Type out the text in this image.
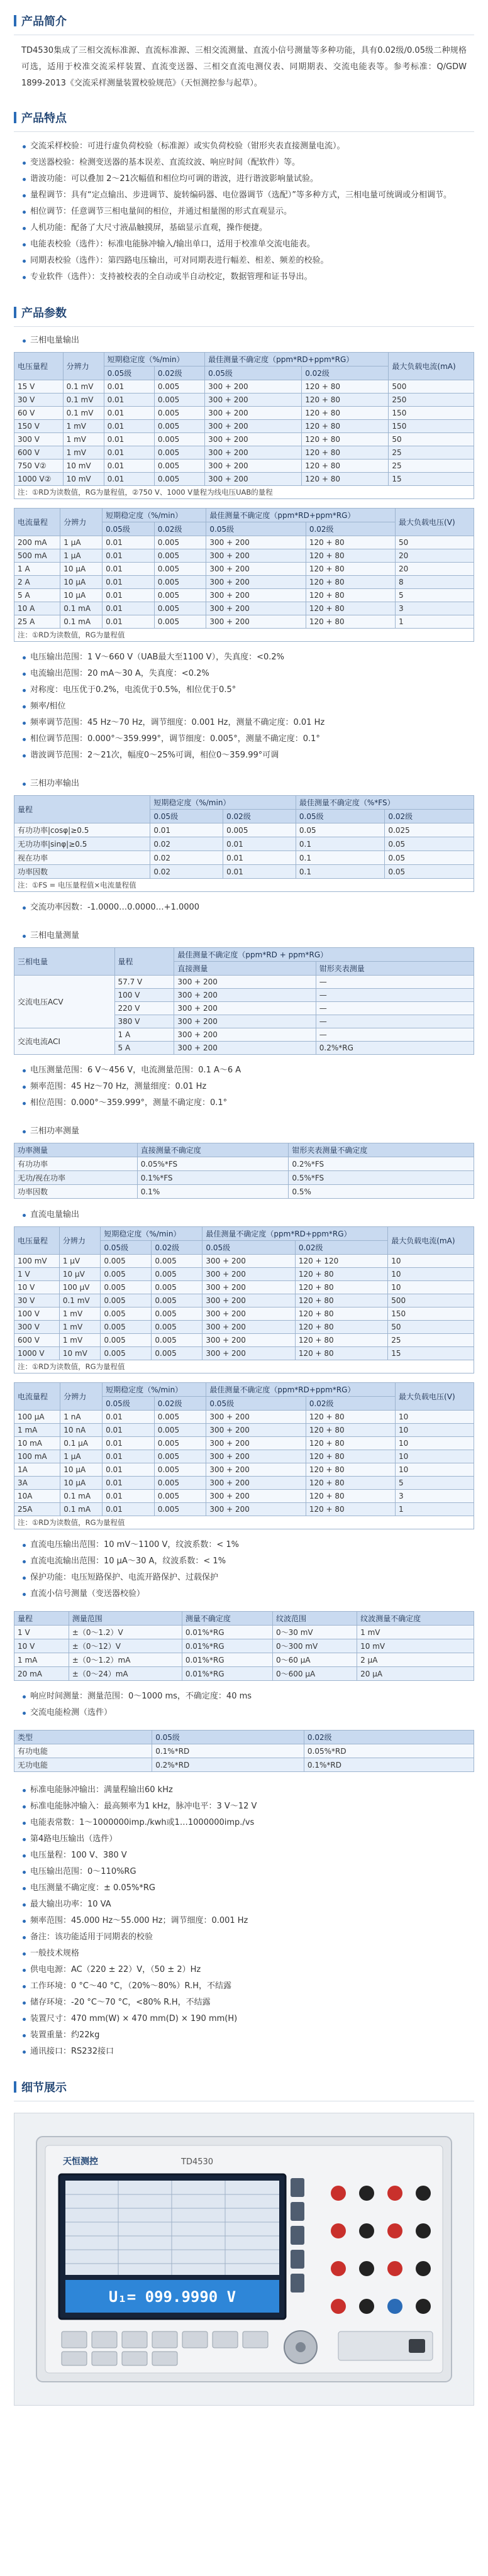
产品简介

TD4530集成了三相交流标准源、直流标准源、三相交流测量、直流小信号测量等多种功能，具有0.02级/0.05级二种规格可选，适用于校准交流采样装置、直流变送器、三相交直流电测仪表、同期期表、交流电能表等。参考标准：Q/GDW 1899-2013《交流采样测量装置校验规范》（天恒测控参与起草）。

产品特点
交流采样校验：可进行虚负荷校验（标准源）或实负荷校验（钳形夹表直接测量电流）。
变送器校验：检测变送器的基本误差、直流纹波、响应时间（配软件）等。
谐波功能：可以叠加 2～21次幅值和相位均可调的谐波，进行谐波影响量试验。
量程调节：具有“定点输出、步进调节、旋转编码器、电位器调节（选配）”等多种方式，三相电量可统调或分相调节。
相位调节：任意调节三相电量间的相位，并通过相量图的形式直观显示。
人机功能：配备了大尺寸液晶触摸屏，基础显示直观，操作便捷。
电能表校验（选件）：标准电能脉冲输入/输出单口，适用于校准单交流电能表。
同期表校验（选件）：第四路电压输出，可对同期表进行幅差、相差、频差的校验。
专业软件（选件）：支持被校表的全自动或半自动校定，数据管理和证书导出。
产品参数
三相电量输出
电压量程	分辨力	短期稳定度（%/min）		最佳测量不确定度（ppm*RD+ppm*RG）		最大负载电流(mA)
		0.05级	0.02级	0.05级	0.02级	
15 V	0.1 mV	0.01	0.005	300 + 200	120 + 80	500
30 V	0.1 mV	0.01	0.005	300 + 200	120 + 80	250
60 V	0.1 mV	0.01	0.005	300 + 200	120 + 80	150
150 V	1 mV	0.01	0.005	300 + 200	120 + 80	150
300 V	1 mV	0.01	0.005	300 + 200	120 + 80	50
600 V	1 mV	0.01	0.005	300 + 200	120 + 80	25
750 V②	10 mV	0.01	0.005	300 + 200	120 + 80	25
1000 V②	10 mV	0.01	0.005	300 + 200	120 + 80	15
注：①RD为读数值，RG为量程值，②750 V、1000 V量程为线电压UAB的量程						
电流量程	分辨力	短期稳定度（%/min）		最佳测量不确定度（ppm*RD+ppm*RG）		最大负载电压(V)
		0.05级	0.02级	0.05级	0.02级	
200 mA	1 μA	0.01	0.005	300 + 200	120 + 80	50
500 mA	1 μA	0.01	0.005	300 + 200	120 + 80	20
1 A	10 μA	0.01	0.005	300 + 200	120 + 80	20
2 A	10 μA	0.01	0.005	300 + 200	120 + 80	8
5 A	10 μA	0.01	0.005	300 + 200	120 + 80	5
10 A	0.1 mA	0.01	0.005	300 + 200	120 + 80	3
25 A	0.1 mA	0.01	0.005	300 + 200	120 + 80	1
注：①RD为读数值，RG为量程值						
电压输出范围：1 V～660 V（UAB最大至1100 V），失真度：<0.2%
电流输出范围：20 mA～30 A，失真度：<0.2%
对称度：电压优于0.2%，电流优于0.5%，相位优于0.5°
频率/相位
频率调节范围：45 Hz～70 Hz，调节细度：0.001 Hz，测量不确定度：0.01 Hz
相位调节范围：0.000°～359.999°，调节细度：0.005°，测量不确定度：0.1°
谐波调节范围：2～21次，幅度0～25%可调，相位0～359.99°可调
三相功率输出
量程	短期稳定度（%/min）		最佳测量不确定度（%*FS）	
	0.05级	0.02级	0.05级	0.02级
有功功率|cosφ|≥0.5	0.01	0.005	0.05	0.025
无功功率|sinφ|≥0.5	0.02	0.01	0.1	0.05
视在功率	0.02	0.01	0.1	0.05
功率因数	0.02	0.01	0.1	0.05
注：①FS = 电压量程值×电流量程值				
交流功率因数：-1.0000…0.0000…+1.0000
三相电量测量
三相电量	量程	最佳测量不确定度（ppm*RD + ppm*RG）	
		直接测量	钳形夹表测量
交流电压ACV	57.7 V	300 + 200	—
	100 V	300 + 200	—
	220 V	300 + 200	—
	380 V	300 + 200	—
交流电流ACI	1 A	300 + 200	—
	5 A	300 + 200	0.2%*RG
电压测量范围：6 V～456 V，电流测量范围：0.1 A～6 A
频率范围：45 Hz～70 Hz，测量细度：0.01 Hz
相位范围：0.000°～359.999°，测量不确定度：0.1°
三相功率测量
功率测量	直接测量不确定度	钳形夹表测量不确定度
有功功率	0.05%*FS	0.2%*FS
无功/视在功率	0.1%*FS	0.5%*FS
功率因数	0.1%	0.5%
直流电量输出
电压量程	分辨力	短期稳定度（%/min）		最佳测量不确定度（ppm*RD+ppm*RG）		最大负载电流(mA)
		0.05级	0.02级	0.05级	0.02级	
100 mV	1 μV	0.005	0.005	300 + 200	120 + 120	10
1 V	10 μV	0.005	0.005	300 + 200	120 + 80	10
10 V	100 μV	0.005	0.005	300 + 200	120 + 80	10
30 V	0.1 mV	0.005	0.005	300 + 200	120 + 80	500
100 V	1 mV	0.005	0.005	300 + 200	120 + 80	150
300 V	1 mV	0.005	0.005	300 + 200	120 + 80	50
600 V	1 mV	0.005	0.005	300 + 200	120 + 80	25
1000 V	10 mV	0.005	0.005	300 + 200	120 + 80	15
注：①RD为读数值，RG为量程值						
电流量程	分辨力	短期稳定度（%/min）		最佳测量不确定度（ppm*RD+ppm*RG）		最大负载电压(V)
		0.05级	0.02级	0.05级	0.02级	
100 μA	1 nA	0.01	0.005	300 + 200	120 + 80	10
1 mA	10 nA	0.01	0.005	300 + 200	120 + 80	10
10 mA	0.1 μA	0.01	0.005	300 + 200	120 + 80	10
100 mA	1 μA	0.01	0.005	300 + 200	120 + 80	10
1A	10 μA	0.01	0.005	300 + 200	120 + 80	10
3A	10 μA	0.01	0.005	300 + 200	120 + 80	5
10A	0.1 mA	0.01	0.005	300 + 200	120 + 80	3
25A	0.1 mA	0.01	0.005	300 + 200	120 + 80	1
注：①RD为读数值，RG为量程值						
直流电压输出范围：10 mV～1100 V，纹波系数：< 1%
直流电流输出范围：10 μA～30 A，纹波系数：< 1%
保护功能：电压短路保护、电流开路保护、过载保护
直流小信号测量（变送器校验）
量程	测量范围	测量不确定度	纹波范围	纹波测量不确定度
1 V	±（0～1.2）V	0.01%*RG	0～30 mV	1 mV
10 V	±（0～12）V	0.01%*RG	0～300 mV	10 mV
1 mA	±（0～1.2）mA	0.01%*RG	0～60 μA	2 μA
20 mA	±（0～24）mA	0.01%*RG	0～600 μA	20 μA
响应时间测量：测量范围：0～1000 ms，不确定度：40 ms
交流电能检测（选件）
类型	0.05级	0.02级
有功电能	0.1%*RD	0.05%*RD
无功电能	0.2%*RD	0.1%*RD
标准电能脉冲输出：满量程输出60 kHz
标准电能脉冲输入：最高频率为1 kHz，脉冲电平：3 V～12 V
电能表常数：1～1000000imp./kwh或1…1000000imp./vs
第4路电压输出（选件）
电压量程：100 V、380 V
电压输出范围：0～110%RG
电压测量不确定度：± 0.05%*RG
最大输出功率：10 VA
频率范围：45.000 Hz～55.000 Hz；调节细度：0.001 Hz
备注：该功能适用于同期表的校验
一般技术规格
供电电源：AC（220 ± 22）V，（50 ± 2）Hz
工作环境：0 °C～40 °C，（20%～80%）R.H，不结露
储存环境：-20 °C～70 °C，<80% R.H，不结露
装置尺寸：470 mm(W) × 470 mm(D) × 190 mm(H)
装置重量：约22kg
通讯接口：RS232接口
细节展示
天恒测控	TD4530
U₁= 099.9990 V
